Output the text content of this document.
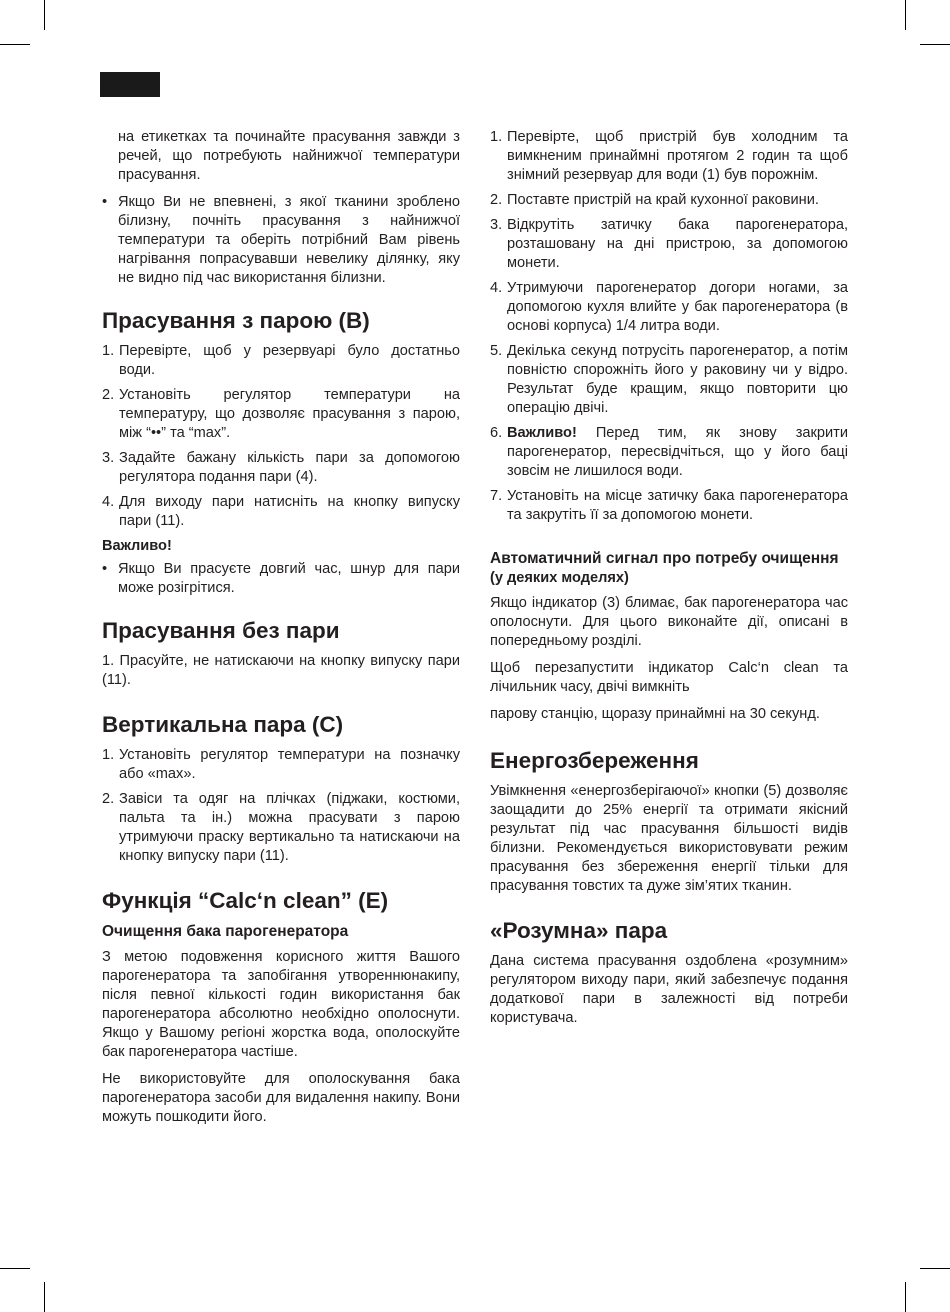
на етикетках та починайте прасування завжди з речей, що потребують найнижчої температури прасування.

• Якщо Ви не впевнені, з якої тканини зроблено білизну, почніть прасування з найнижчої температури та оберіть потрібний Вам рівень нагрівання попрасувавши невелику ділянку, яку не видно під час використання білизни.
Прасування з парою (B)
1. Перевірте, щоб у резервуарі було достатньо води.
2. Установіть регулятор температури на температуру, що дозволяє прасування з парою, між “••” та “max”.
3. Задайте бажану кількість пари за допомогою регулятора подання пари (4).
4. Для виходу пари натисніть на кнопку випуску пари (11).
Важливо!
• Якщо Ви прасуєте довгий час, шнур для пари може розігрітися.
Прасування без пари

1. Прасуйте, не натискаючи на кнопку випуску пари (11).

Вертикальна пара (C)
1. Установіть регулятор температури на позначку або «max».
2. Завіси та одяг на плічках (піджаки, костюми, пальта та ін.) можна прасувати з парою утримуючи праску вертикально та натискаючи на кнопку випуску пари (11).
Функція “Calc‘n clean” (E)
Очищення бака парогенератора

З метою подовження корисного життя Вашого парогенератора та запобігання утвореннюнакипу, після певної кількості годин використання бак парогенератора абсолютно необхідно ополоснути. Якщо у Вашому регіоні жорстка вода, ополоскуйте бак парогенератора частіше.

Не використовуйте для ополоскування бака парогенератора засоби для видалення накипу. Вони можуть пошкодити його.

1. Перевірте, щоб пристрій був холодним та вимкненим принаймні протягом 2 годин та щоб знімний резервуар для води (1) був порожнім.
2. Поставте пристрій на край кухонної раковини.
3. Відкрутіть затичку бака парогенератора, розташовану на дні пристрою, за допомогою монети.
4. Утримуючи парогенератор догори ногами, за допомогою кухля влийте у бак парогенератора (в основі корпуса) 1/4 литра води.
5. Декілька секунд потрусіть парогенератор, а потім повністю спорожніть його у раковину чи у відро. Результат буде кращим, якщо повторити цю операцію двічі.
6. Важливо! Перед тим, як знову закрити парогенератор, пересвідчіться, що у його баці зовсім не лишилося води.
7. Установіть на місце затичку бака парогенератора та закрутіть її за допомогою монети.
Автоматичний сигнал про потребу очищення
(у деяких моделях)

Якщо індикатор (3) блимає, бак парогенератора час ополоснути. Для цього виконайте дії, описані в попередньому розділі.

Щоб перезапустити індикатор Calc‘n clean та лічильник часу, двічі вимкніть

парову станцію, щоразу принаймні на 30 секунд.

Енергозбереження

Увімкнення «енергозберігаючої» кнопки (5) дозволяє заощадити до 25% енергії та отримати якісний результат під час прасування більшості видів білизни. Рекомендується використовувати режим прасування без збереження енергії тільки для прасування товстих та дуже зім’ятих тканин.

«Розумна» пара

Дана система прасування оздоблена «розумним» регулятором виходу пари, який забезпечує подання додаткової пари в залежності від потреби користувача.
